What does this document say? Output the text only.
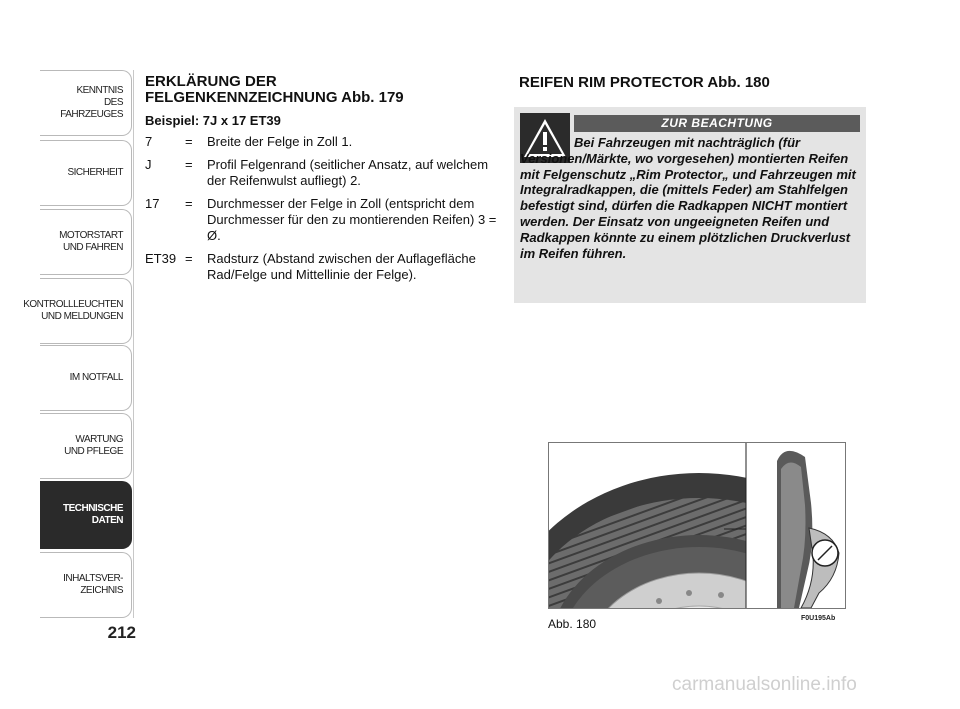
KENNTNIS
DES FAHRZEUGES
SICHERHEIT
MOTORSTART
UND FAHREN
KONTROLLLEUCHTEN
UND MELDUNGEN
IM NOTFALL
WARTUNG
UND PFLEGE
TECHNISCHE
DATEN
INHALTSVER-
ZEICHNIS
212
ERKLÄRUNG DER
FELGENKENNZEICHNUNG Abb. 179
Beispiel: 7J x 17 ET39
7	=	Breite der Felge in Zoll 1.
J	=	Profil Felgenrand (seitlicher Ansatz, auf welchem der Reifenwulst aufliegt) 2.
17	=	Durchmesser der Felge in Zoll (entspricht dem Durchmesser für den zu montierenden Reifen) 3 = Ø.
ET39 =	Radsturz (Abstand zwischen der Auflagefläche Rad/Felge und Mittellinie der Felge).
REIFEN RIM PROTECTOR Abb. 180
ZUR BEACHTUNG
Bei Fahrzeugen mit nachträglich (für Versionen/Märkte, wo vorgesehen) montierten Reifen mit Felgenschutz „Rim Protector„ und Fahrzeugen mit Integralradkappen, die (mittels Feder) am Stahlfelgen befestigt sind, dürfen die Radkappen NICHT montiert werden. Der Einsatz von ungeeigneten Reifen und Radkappen könnte zu einem plötzlichen Druckverlust im Reifen führen.
Abb. 180	F0U195Ab
carmanualsonline.info
